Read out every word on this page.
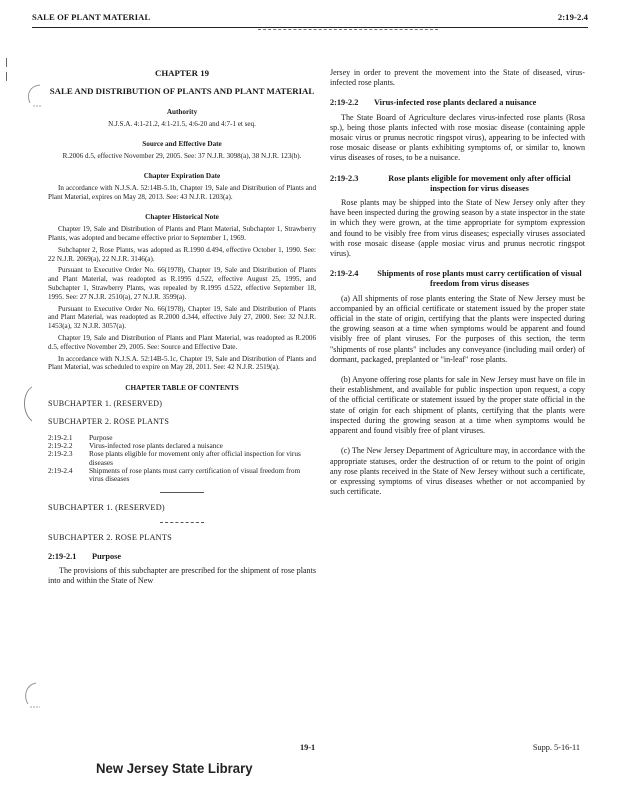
SALE OF PLANT MATERIAL	2:19-2.4
CHAPTER 19
SALE AND DISTRIBUTION OF PLANTS AND PLANT MATERIAL
Authority
N.J.S.A. 4:1-21.2, 4:1-21.5, 4:6-20 and 4:7-1 et seq.
Source and Effective Date
R.2006 d.5, effective November 29, 2005. See: 37 N.J.R. 3098(a), 38 N.J.R. 123(b).
Chapter Expiration Date
In accordance with N.J.S.A. 52:14B-5.1b, Chapter 19, Sale and Distribution of Plants and Plant Material, expires on May 28, 2013. See: 43 N.J.R. 1203(a).
Chapter Historical Note
Chapter 19, Sale and Distribution of Plants and Plant Material, Subchapter 1, Strawberry Plants, was adopted and became effective prior to September 1, 1969.
Subchapter 2, Rose Plants, was adopted as R.1990 d.494, effective October 1, 1990. See: 22 N.J.R. 2069(a), 22 N.J.R. 3146(a).
Pursuant to Executive Order No. 66(1978), Chapter 19, Sale and Distribution of Plants and Plant Material, was readopted as R.1995 d.522, effective August 25, 1995, and Subchapter 1, Strawberry Plants, was repealed by R.1995 d.522, effective September 18, 1995. See: 27 N.J.R. 2510(a), 27 N.J.R. 3599(a).
Pursuant to Executive Order No. 66(1978), Chapter 19, Sale and Distribution of Plants and Plant Material, was readopted as R.2000 d.344, effective July 27, 2000. See: 32 N.J.R. 1453(a), 32 N.J.R. 3057(a).
Chapter 19, Sale and Distribution of Plants and Plant Material, was readopted as R.2006 d.5, effective November 29, 2005. See: Source and Effective Date.
In accordance with N.J.S.A. 52:14B-5.1c, Chapter 19, Sale and Distribution of Plants and Plant Material, was scheduled to expire on May 28, 2011. See: 42 N.J.R. 2519(a).
CHAPTER TABLE OF CONTENTS
SUBCHAPTER 1. (RESERVED)
SUBCHAPTER 2. ROSE PLANTS
2:19-2.1	Purpose
2:19-2.2	Virus-infected rose plants declared a nuisance
2:19-2.3	Rose plants eligible for movement only after official inspection for virus diseases
2:19-2.4	Shipments of rose plants must carry certification of visual freedom from virus diseases
SUBCHAPTER 1. (RESERVED)
SUBCHAPTER 2. ROSE PLANTS
2:19-2.1	Purpose

The provisions of this subchapter are prescribed for the shipment of rose plants into and within the State of New

Jersey in order to prevent the movement into the State of diseased, virus-infected rose plants.

2:19-2.2	Virus-infected rose plants declared a nuisance

The State Board of Agriculture declares virus-infected rose plants (Rosa sp.), being those plants infected with rose mosiac disease (containing apple mosaic virus or prunus necrotic ringspot virus), appearing to be infected with rose mosaic disease or plants exhibiting symptoms of, or similar to, known virus diseases of roses, to be a nuisance.

2:19-2.3	Rose plants eligible for movement only after official inspection for virus diseases

Rose plants may be shipped into the State of New Jersey only after they have been inspected during the growing season by a state inspector in the state in which they were grown, at the time appropriate for symptom expression and found to be visibly free from virus diseases; especially viruses associated with rose mosaic disease (apple mosiac virus and prunus necrotic ringspot virus).

2:19-2.4	Shipments of rose plants must carry certification of visual freedom from virus diseases

(a) All shipments of rose plants entering the State of New Jersey must be accompanied by an official certificate or statement issued by the proper state official in the state of origin, certifying that the plants were inspected during the growing season at a time when symptoms would be apparent and found visibly free of plant viruses. For the purposes of this section, the term "shipments of rose plants" includes any conveyance (including mail order) of dormant, packaged, preplanted or "in-leaf" rose plants.

(b) Anyone offering rose plants for sale in New Jersey must have on file in their establishment, and available for public inspection upon request, a copy of the official certificate or statement issued by the proper state official in the state of origin for each shipment of plants, certifying that the plants were inspected during the growing season at a time when symptoms would be apparent and found visibly free of plant viruses.

(c) The New Jersey Department of Agriculture may, in accordance with the appropriate statuses, order the destruction of or return to the point of origin any rose plants received in the State of New Jersey without such a certificate, or expressing symptoms of virus diseases whether or not accompanied by such certificate.

19-1	Supp. 5-16-11
New Jersey State Library
